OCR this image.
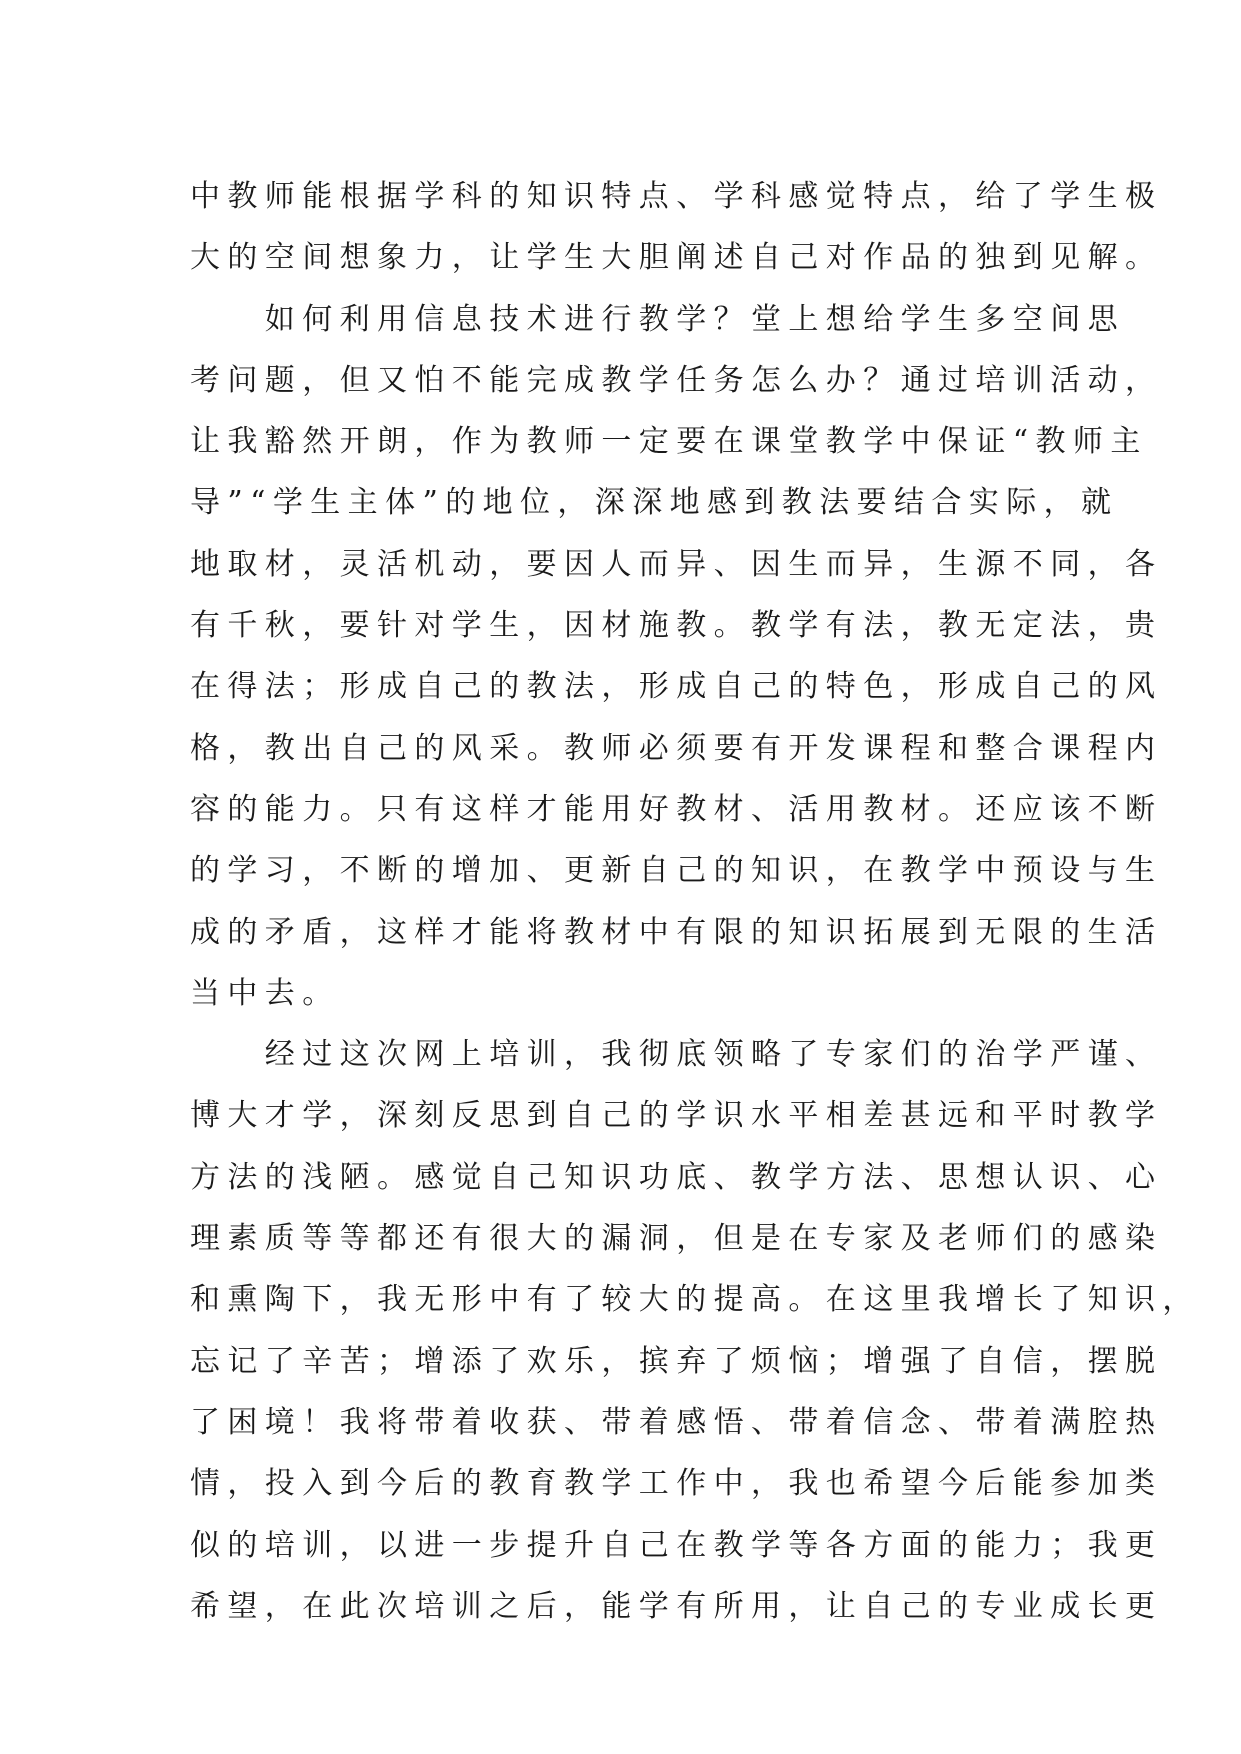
中教师能根据学科的知识特点、学科感觉特点，给了学生极
大的空间想象力，让学生大胆阐述自己对作品的独到见解。
　　如何利用信息技术进行教学？堂上想给学生多空间思
考问题，但又怕不能完成教学任务怎么办？通过培训活动，
让我豁然开朗，作为教师一定要在课堂教学中保证“教师主
导”“学生主体”的地位，深深地感到教法要结合实际，就
地取材，灵活机动，要因人而异、因生而异，生源不同，各
有千秋，要针对学生，因材施教。教学有法，教无定法，贵
在得法；形成自己的教法，形成自己的特色，形成自己的风
格，教出自己的风采。教师必须要有开发课程和整合课程内
容的能力。只有这样才能用好教材、活用教材。还应该不断
的学习，不断的增加、更新自己的知识，在教学中预设与生
成的矛盾，这样才能将教材中有限的知识拓展到无限的生活
当中去。
　　经过这次网上培训，我彻底领略了专家们的治学严谨、
博大才学，深刻反思到自己的学识水平相差甚远和平时教学
方法的浅陋。感觉自己知识功底、教学方法、思想认识、心
理素质等等都还有很大的漏洞，但是在专家及老师们的感染
和熏陶下，我无形中有了较大的提高。在这里我增长了知识，
忘记了辛苦；增添了欢乐，摈弃了烦恼；增强了自信，摆脱
了困境！我将带着收获、带着感悟、带着信念、带着满腔热
情，投入到今后的教育教学工作中，我也希望今后能参加类
似的培训，以进一步提升自己在教学等各方面的能力；我更
希望，在此次培训之后，能学有所用，让自己的专业成长更
